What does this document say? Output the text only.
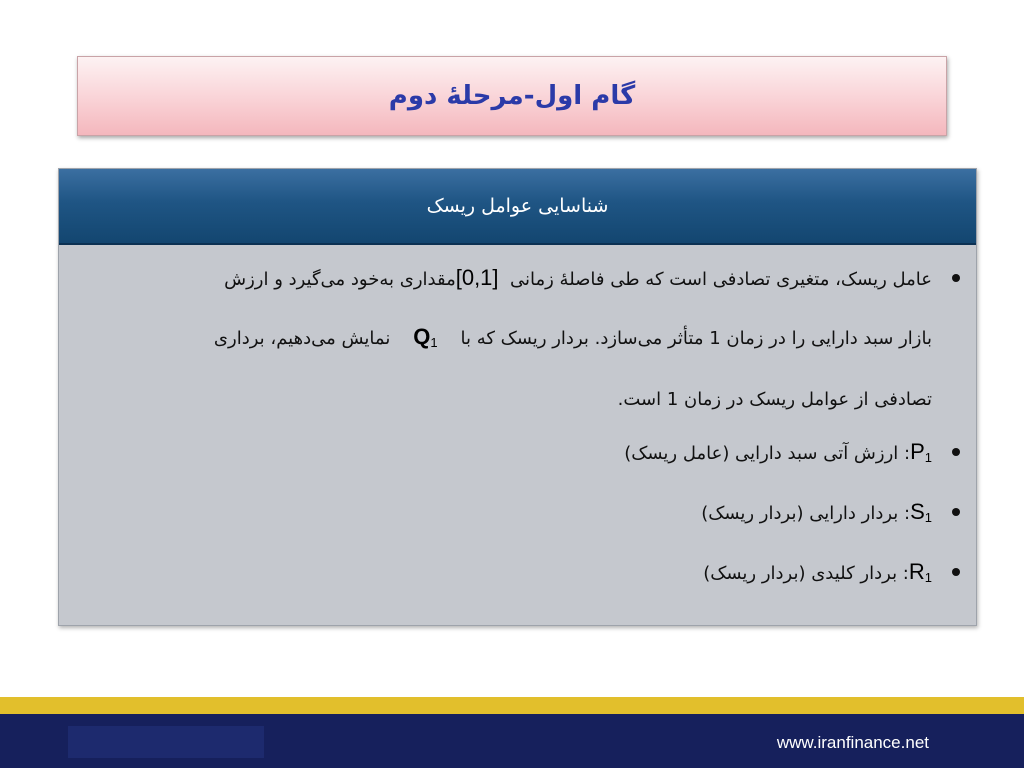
گام اول-مرحلهٔ دوم
شناسایی عوامل ریسک
عامل ریسک، متغیری تصادفی است که طی فاصلهٔ زمانی  [0,1]مقداری به‌خود می‌گیرد و ارزش
بازار سبد دارایی را در زمان 1 متأثر می‌سازد. بردار ریسک که با    $Q_1$    نمایش می‌دهیم، برداری
تصادفی از عوامل ریسک در زمان 1 است.
$P_1$: ارزش آتی سبد دارایی (عامل ریسک)
$S_1$: بردار دارایی (بردار ریسک)
$R_1$: بردار کلیدی (بردار ریسک)
www.iranfinance.net
